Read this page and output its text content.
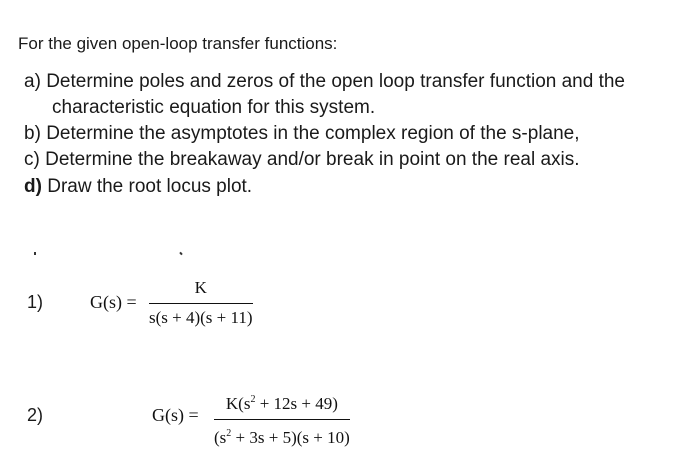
For the given open-loop transfer functions:
a) Determine poles and zeros of the open loop transfer function and the
characteristic equation for this system.
b) Determine the asymptotes in the complex region of the s-plane,
c) Determine the breakaway and/or break in point on the real axis.
d) Draw the root locus plot.
1)	G(s) =
K
s(s + 4)(s + 11)
2)	G(s) =
$K(s^2 + 12s + 49)$
$(s^2 + 3s + 5)(s + 10)$
